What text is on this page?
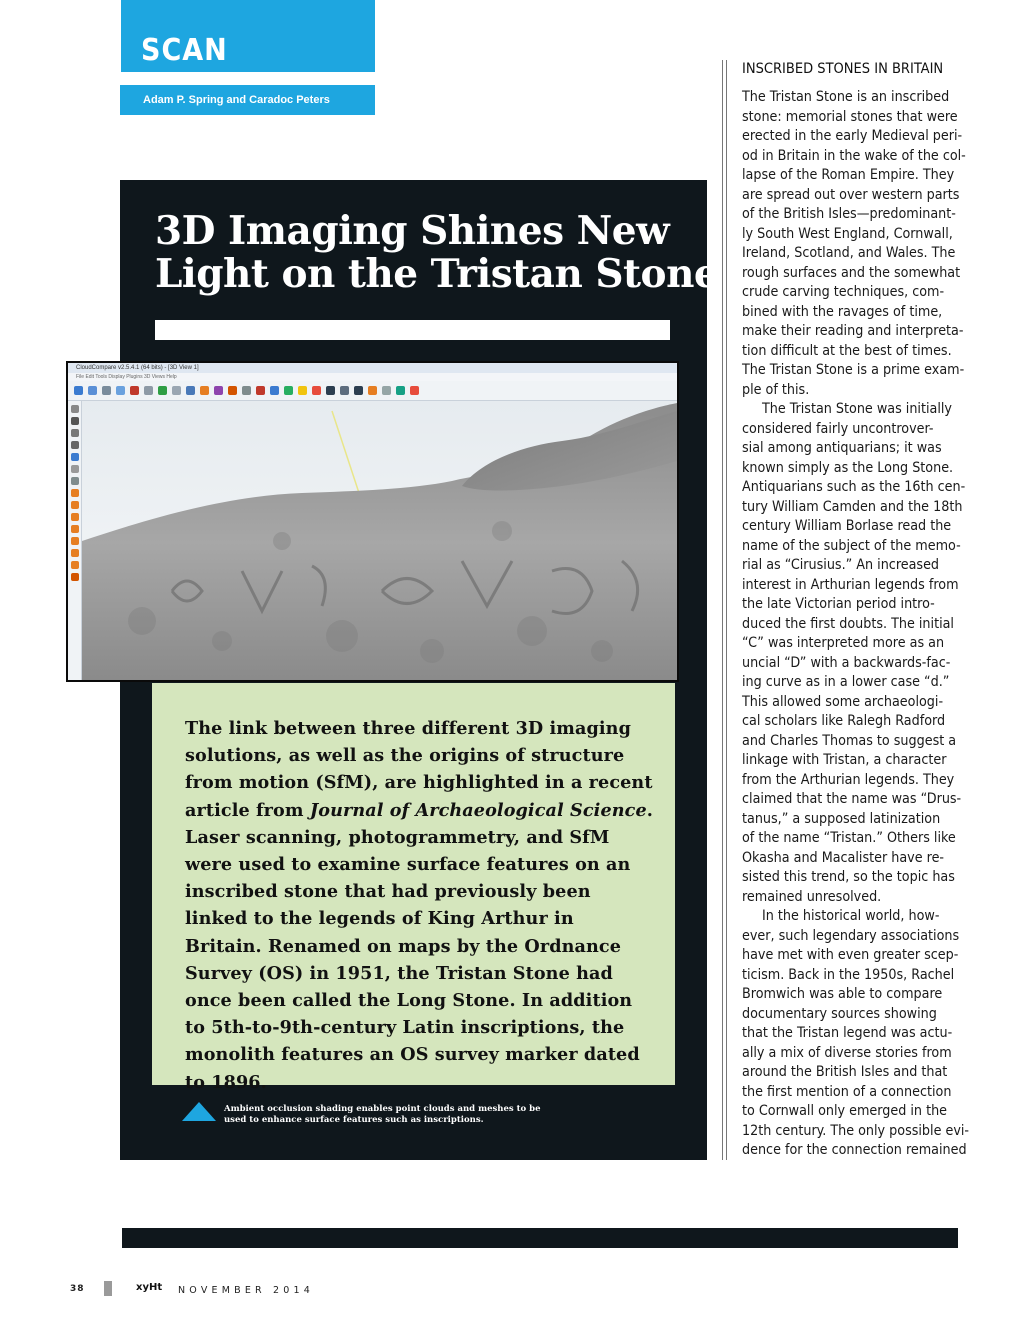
SCAN
Adam P. Spring and Caradoc Peters
3D Imaging Shines New
Light on the Tristan Stone
CloudCompare v2.5.4.1 (64 bits) - [3D View 1]
File Edit Tools Display Plugins 3D Views Help

The link between three different 3D imaging solutions, as well as the origins of structure from motion (SfM), are highlighted in a recent article from Journal of Archaeological Science. Laser scanning, photogrammetry, and SfM were used to examine surface features on an inscribed stone that had previously been linked to the legends of King Arthur in Britain. Renamed on maps by the Ordnance Survey (OS) in 1951, the Tristan Stone had once been called the Long Stone. In addition to 5th-to-9th-century Latin inscriptions, the monolith features an OS survey marker dated to 1896.

Ambient occlusion shading enables point clouds and meshes to be
used to enhance surface features such as inscriptions.
INSCRIBED STONES IN BRITAIN
The Tristan Stone is an inscribed
stone: memorial stones that were
erected in the early Medieval peri-
od in Britain in the wake of the col-
lapse of the Roman Empire. They
are spread out over western parts
of the British Isles—predominant-
ly South West England, Cornwall,
Ireland, Scotland, and Wales. The
rough surfaces and the somewhat
crude carving techniques, com-
bined with the ravages of time,
make their reading and interpreta-
tion difficult at the best of times.
The Tristan Stone is a prime exam-
ple of this.
The Tristan Stone was initially
considered fairly uncontrover-
sial among antiquarians; it was
known simply as the Long Stone.
Antiquarians such as the 16th cen-
tury William Camden and the 18th
century William Borlase read the
name of the subject of the memo-
rial as “Cirusius.” An increased
interest in Arthurian legends from
the late Victorian period intro-
duced the first doubts. The initial
“C” was interpreted more as an
uncial “D” with a backwards-fac-
ing curve as in a lower case “d.”
This allowed some archaeologi-
cal scholars like Ralegh Radford
and Charles Thomas to suggest a
linkage with Tristan, a character
from the Arthurian legends. They
claimed that the name was “Drus-
tanus,” a supposed latinization
of the name “Tristan.” Others like
Okasha and Macalister have re-
sisted this trend, so the topic has
remained unresolved.
In the historical world, how-
ever, such legendary associations
have met with even greater scep-
ticism. Back in the 1950s, Rachel
Bromwich was able to compare
documentary sources showing
that the Tristan legend was actu-
ally a mix of diverse stories from
around the British Isles and that
the first mention of a connection
to Cornwall only emerged in the
12th century. The only possible evi-
dence for the connection remained
38	xyHt NOVEMBER 2014
